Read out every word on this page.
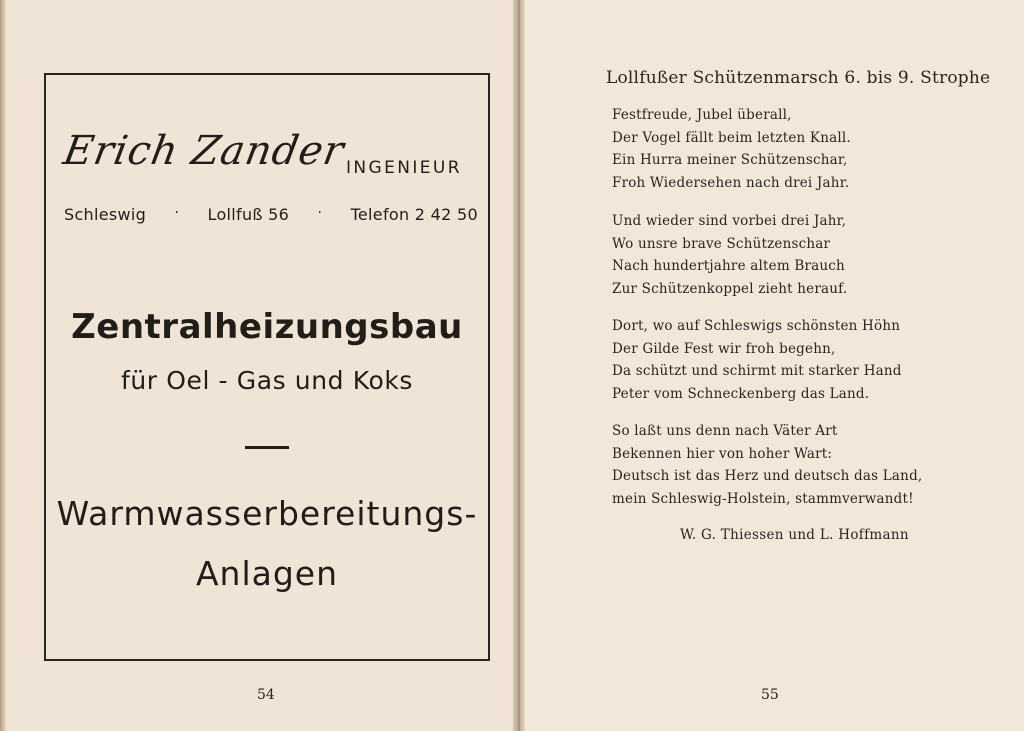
Erich Zander
INGENIEUR
Schleswig · Lollfuß 56 · Telefon 2 42 50
Zentralheizungsbau
für Oel - Gas und Koks
Warmwasserbereitungs-
Anlagen
54
Lollfußer Schützenmarsch 6. bis 9. Strophe
Festfreude, Jubel überall,
Der Vogel fällt beim letzten Knall.
Ein Hurra meiner Schützenschar,
Froh Wiedersehen nach drei Jahr.
Und wieder sind vorbei drei Jahr,
Wo unsre brave Schützenschar
Nach hundertjahre altem Brauch
Zur Schützenkoppel zieht herauf.
Dort, wo auf Schleswigs schönsten Höhn
Der Gilde Fest wir froh begehn,
Da schützt und schirmt mit starker Hand
Peter vom Schneckenberg das Land.
So laßt uns denn nach Väter Art
Bekennen hier von hoher Wart:
Deutsch ist das Herz und deutsch das Land,
mein Schleswig-Holstein, stammverwandt!
W. G. Thiessen und L. Hoffmann
55
